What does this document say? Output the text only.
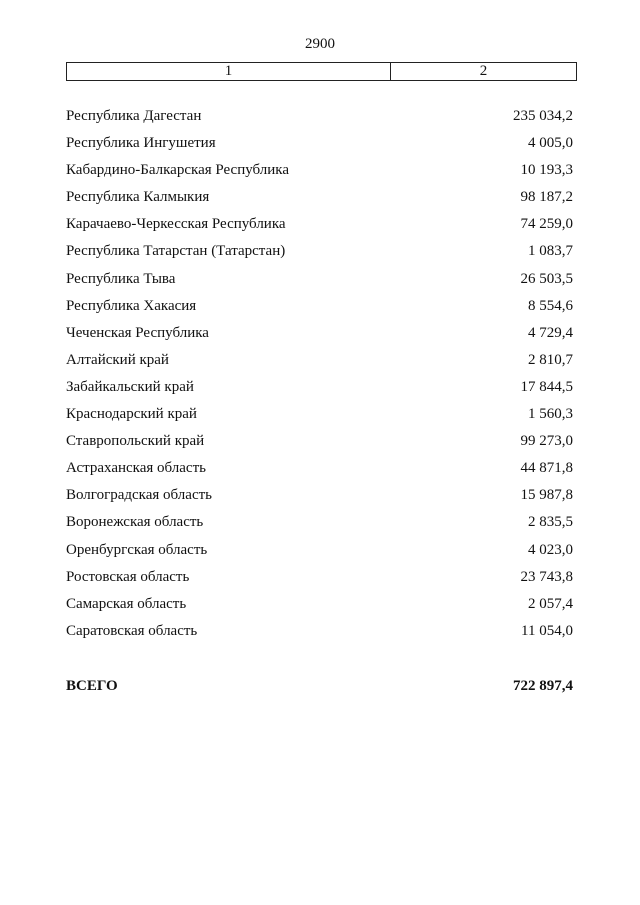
2900
1	2
Республика Дагестан	235 034,2
Республика Ингушетия	4 005,0
Кабардино-Балкарская Республика	10 193,3
Республика Калмыкия	98 187,2
Карачаево-Черкесская Республика	74 259,0
Республика Татарстан (Татарстан)	1 083,7
Республика Тыва	26 503,5
Республика Хакасия	8 554,6
Чеченская Республика	4 729,4
Алтайский край	2 810,7
Забайкальский край	17 844,5
Краснодарский край	1 560,3
Ставропольский край	99 273,0
Астраханская область	44 871,8
Волгоградская область	15 987,8
Воронежская область	2 835,5
Оренбургская область	4 023,0
Ростовская область	23 743,8
Самарская область	2 057,4
Саратовская область	11 054,0
ВСЕГО	722 897,4
